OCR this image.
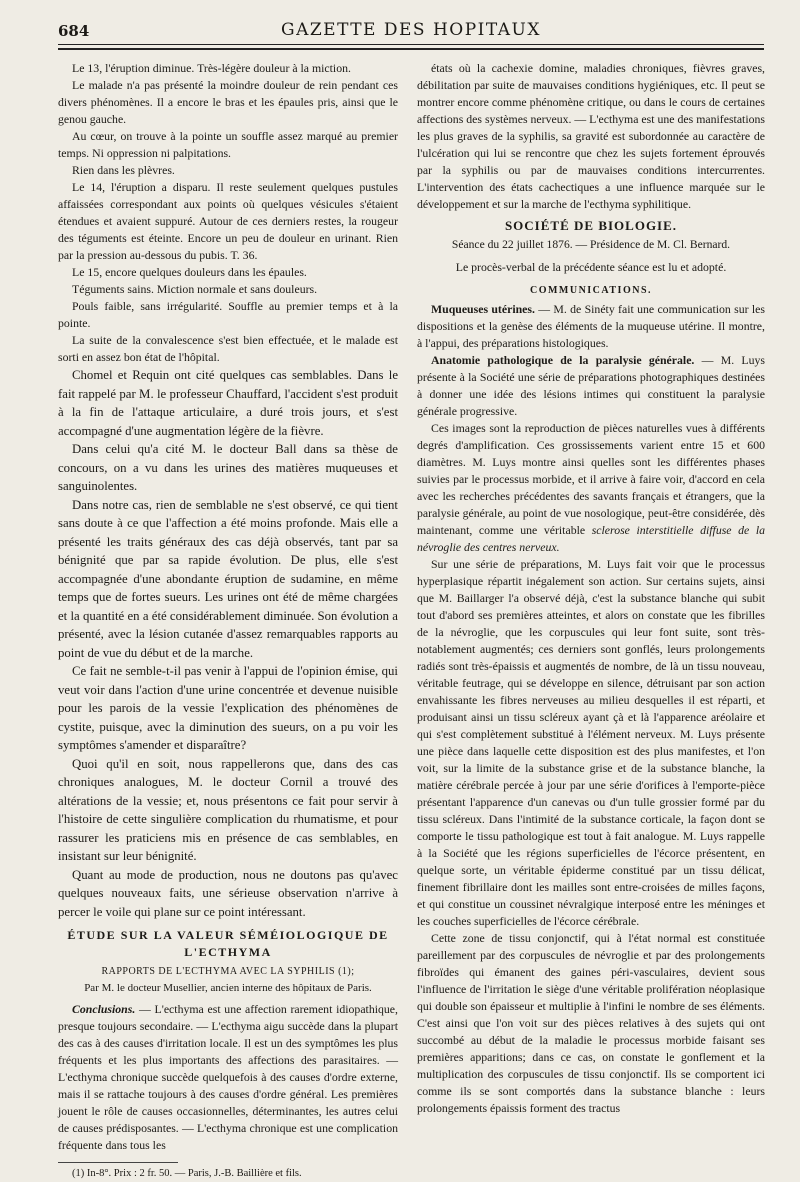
684	GAZETTE DES HOPITAUX

Le 13, l'éruption diminue. Très-légère douleur à la miction.

Le malade n'a pas présenté la moindre douleur de rein pendant ces divers phénomènes. Il a encore le bras et les épaules pris, ainsi que le genou gauche.

Au cœur, on trouve à la pointe un souffle assez marqué au premier temps. Ni oppression ni palpitations.

Rien dans les plèvres.

Le 14, l'éruption a disparu. Il reste seulement quelques pustules affaissées correspondant aux points où quelques vésicules s'étaient étendues et avaient suppuré. Autour de ces derniers restes, la rougeur des téguments est éteinte. Encore un peu de douleur en urinant. Rien par la pression au-dessous du pubis. T. 36.

Le 15, encore quelques douleurs dans les épaules.

Téguments sains. Miction normale et sans douleurs.

Pouls faible, sans irrégularité. Souffle au premier temps et à la pointe.

La suite de la convalescence s'est bien effectuée, et le malade est sorti en assez bon état de l'hôpital.

Chomel et Requin ont cité quelques cas semblables. Dans le fait rappelé par M. le professeur Chauffard, l'accident s'est produit à la fin de l'attaque articulaire, a duré trois jours, et s'est accompagné d'une augmentation légère de la fièvre.

Dans celui qu'a cité M. le docteur Ball dans sa thèse de concours, on a vu dans les urines des matières muqueuses et sanguinolentes.

Dans notre cas, rien de semblable ne s'est observé, ce qui tient sans doute à ce que l'affection a été moins profonde. Mais elle a présenté les traits généraux des cas déjà observés, tant par sa bénignité que par sa rapide évolution. De plus, elle s'est accompagnée d'une abondante éruption de sudamine, en même temps que de fortes sueurs. Les urines ont été de même chargées et la quantité en a été considérablement diminuée. Son évolution a présenté, avec la lésion cutanée d'assez remarquables rapports au point de vue du début et de la marche.

Ce fait ne semble-t-il pas venir à l'appui de l'opinion émise, qui veut voir dans l'action d'une urine concentrée et devenue nuisible pour les parois de la vessie l'explication des phénomènes de cystite, puisque, avec la diminution des sueurs, on a pu voir les symptômes s'amender et disparaître?

Quoi qu'il en soit, nous rappellerons que, dans des cas chroniques analogues, M. le docteur Cornil a trouvé des altérations de la vessie; et, nous présentons ce fait pour servir à l'histoire de cette singulière complication du rhumatisme, et pour rassurer les praticiens mis en présence de cas semblables, en insistant sur leur bénignité.

Quant au mode de production, nous ne doutons pas qu'avec quelques nouveaux faits, une sérieuse observation n'arrive à percer le voile qui plane sur ce point intéressant.

ÉTUDE SUR LA VALEUR SÉMÉIOLOGIQUE DE L'ECTHYMA

RAPPORTS DE L'ECTHYMA AVEC LA SYPHILIS (1);

Par M. le docteur Musellier, ancien interne des hôpitaux de Paris.

Conclusions. — L'ecthyma est une affection rarement idiopathique, presque toujours secondaire. — L'ecthyma aigu succède dans la plupart des cas à des causes d'irritation locale. Il est un des symptômes les plus fréquents et les plus importants des affections des parasitaires. — L'ecthyma chronique succède quelquefois à des causes d'ordre externe, mais il se rattache toujours à des causes d'ordre général. Les premières jouent le rôle de causes occasionnelles, déterminantes, les autres celui de causes prédisposantes. — L'ecthyma chronique est une complication fréquente dans tous les

(1) In-8°. Prix : 2 fr. 50. — Paris, J.-B. Baillière et fils.

états où la cachexie domine, maladies chroniques, fièvres graves, débilitation par suite de mauvaises conditions hygiéniques, etc. Il peut se montrer encore comme phénomène critique, ou dans le cours de certaines affections des systèmes nerveux. — L'ecthyma est une des manifestations les plus graves de la syphilis, sa gravité est subordonnée au caractère de l'ulcération qui lui se rencontre que chez les sujets fortement éprouvés par la syphilis ou par de mauvaises conditions intercurrentes. L'intervention des états cachectiques a une influence marquée sur le développement et sur la marche de l'ecthyma syphilitique.

SOCIÉTÉ DE BIOLOGIE.

Séance du 22 juillet 1876. — Présidence de M. Cl. Bernard.

Le procès-verbal de la précédente séance est lu et adopté.

COMMUNICATIONS.

Muqueuses utérines. — M. de Sinéty fait une communication sur les dispositions et la genèse des éléments de la muqueuse utérine. Il montre, à l'appui, des préparations histologiques.

Anatomie pathologique de la paralysie générale. — M. Luys présente à la Société une série de préparations photographiques destinées à donner une idée des lésions intimes qui constituent la paralysie générale progressive.

Ces images sont la reproduction de pièces naturelles vues à différents degrés d'amplification. Ces grossissements varient entre 15 et 600 diamètres. M. Luys montre ainsi quelles sont les différentes phases suivies par le processus morbide, et il arrive à faire voir, d'accord en cela avec les recherches précédentes des savants français et étrangers, que la paralysie générale, au point de vue nosologique, peut-être considérée, dès maintenant, comme une véritable sclerose interstitielle diffuse de la névroglie des centres nerveux.

Sur une série de préparations, M. Luys fait voir que le processus hyperplasique répartit inégalement son action. Sur certains sujets, ainsi que M. Baillarger l'a observé déjà, c'est la substance blanche qui subit tout d'abord ses premières atteintes, et alors on constate que les fibrilles de la névroglie, que les corpuscules qui leur font suite, sont très-notablement augmentés; ces derniers sont gonflés, leurs prolongements radiés sont très-épaissis et augmentés de nombre, de là un tissu nouveau, véritable feutrage, qui se développe en silence, détruisant par son action envahissante les fibres nerveuses au milieu desquelles il est réparti, et produisant ainsi un tissu scléreux ayant çà et là l'apparence aréolaire et qui s'est complètement substitué à l'élément nerveux. M. Luys présente une pièce dans laquelle cette disposition est des plus manifestes, et l'on voit, sur la limite de la substance grise et de la substance blanche, la matière cérébrale percée à jour par une série d'orifices à l'emporte-pièce présentant l'apparence d'un canevas ou d'un tulle grossier formé par du tissu scléreux. Dans l'intimité de la substance corticale, la façon dont se comporte le tissu pathologique est tout à fait analogue. M. Luys rappelle à la Société que les régions superficielles de l'écorce présentent, en quelque sorte, un véritable épiderme constitué par un tissu délicat, finement fibrillaire dont les mailles sont entre-croisées de milles façons, et qui constitue un coussinet névralgique interposé entre les méninges et les couches superficielles de l'écorce cérébrale.

Cette zone de tissu conjonctif, qui à l'état normal est constituée pareillement par des corpuscules de névroglie et par des prolongements fibroïdes qui émanent des gaines péri-vasculaires, devient sous l'influence de l'irritation le siège d'une véritable prolifération néoplasique qui double son épaisseur et multiplie à l'infini le nombre de ses éléments. C'est ainsi que l'on voit sur des pièces relatives à des sujets qui ont succombé au début de la maladie le processus morbide faisant ses premières apparitions; dans ce cas, on constate le gonflement et la multiplication des corpuscules de tissu conjonctif. Ils se comportent ici comme ils se sont comportés dans la substance blanche : leurs prolongements épaissis forment des tractus
